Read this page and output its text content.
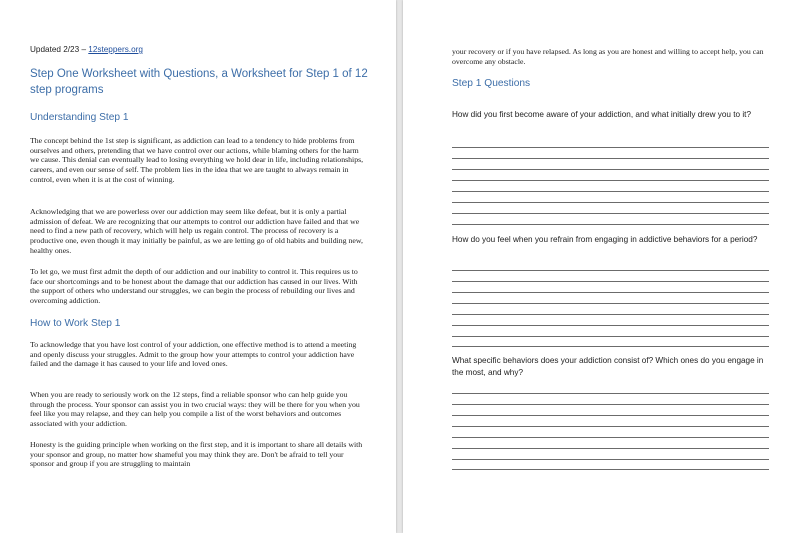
Updated 2/23 – 12steppers.org
Step One Worksheet with Questions, a Worksheet for Step 1 of 12 step programs
Understanding Step 1

The concept behind the 1st step is significant, as addiction can lead to a tendency to hide problems from ourselves and others, pretending that we have control over our actions, while blaming others for the harm we cause. This denial can eventually lead to losing everything we hold dear in life, including relationships, careers, and even our sense of self. The problem lies in the idea that we are taught to always remain in control, even when it is at the cost of winning.

Acknowledging that we are powerless over our addiction may seem like defeat, but it is only a partial admission of defeat. We are recognizing that our attempts to control our addiction have failed and that we need to find a new path of recovery, which will help us regain control. The process of recovery is a productive one, even though it may initially be painful, as we are letting go of old habits and building new, healthy ones.

To let go, we must first admit the depth of our addiction and our inability to control it. This requires us to face our shortcomings and to be honest about the damage that our addiction has caused in our lives. With the support of others who understand our struggles, we can begin the process of rebuilding our lives and overcoming addiction.

How to Work Step 1

To acknowledge that you have lost control of your addiction, one effective method is to attend a meeting and openly discuss your struggles. Admit to the group how your attempts to control your addiction have failed and the damage it has caused to your life and loved ones.

When you are ready to seriously work on the 12 steps, find a reliable sponsor who can help guide you through the process. Your sponsor can assist you in two crucial ways: they will be there for you when you feel like you may relapse, and they can help you compile a list of the worst behaviors and outcomes associated with your addiction.

Honesty is the guiding principle when working on the first step, and it is important to share all details with your sponsor and group, no matter how shameful you may think they are. Don't be afraid to tell your sponsor and group if you are struggling to maintain

your recovery or if you have relapsed. As long as you are honest and willing to accept help, you can overcome any obstacle.

Step 1 Questions

How did you first become aware of your addiction, and what initially drew you to it?

How do you feel when you refrain from engaging in addictive behaviors for a period?

What specific behaviors does your addiction consist of? Which ones do you engage in the most, and why?
